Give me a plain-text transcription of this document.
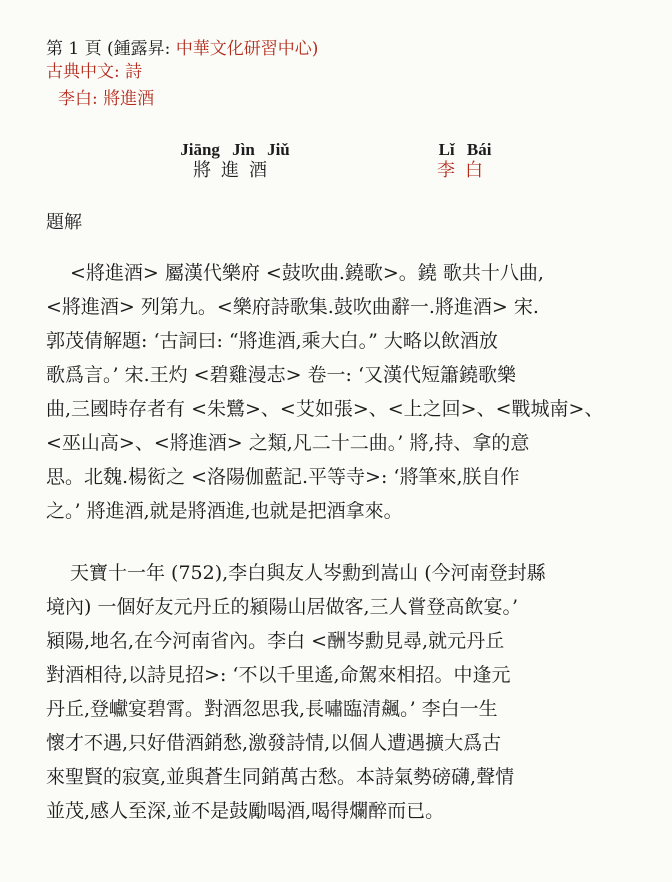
第 1 頁 (鍾露昇: 中華文化研習中心)
古典中文: 詩
李白: 將進酒
Jiāng Jìn Jiǔ
將進酒
Lǐ Bái
李白
題解
<將進酒> 屬漢代樂府 <鼓吹曲.鐃歌>。鐃 歌共十八曲,
<將進酒> 列第九。<樂府詩歌集.鼓吹曲辭一.將進酒> 宋.
郭茂倩解題: ‘古詞曰: “將進酒,乘大白。” 大略以飲酒放
歌爲言。’ 宋.王灼 <碧雞漫志> 卷一: ‘又漢代短簫鐃歌樂
曲,三國時存者有 <朱鷺>、<艾如張>、<上之回>、<戰城南>、
<巫山高>、<將進酒> 之類,凡二十二曲。’ 將,持、拿的意
思。北魏.楊衒之 <洛陽伽藍記.平等寺>: ‘將筆來,朕自作
之。’ 將進酒,就是將酒進,也就是把酒拿來。
天寶十一年 (752),李白與友人岑勳到嵩山 (今河南登封縣
境內) 一個好友元丹丘的潁陽山居做客,三人嘗登高飲宴。’
潁陽,地名,在今河南省內。李白 <酬岑勳見尋,就元丹丘
對酒相待,以詩見招>: ‘不以千里遙,命駕來相招。中逢元
丹丘,登巘宴碧霄。對酒忽思我,長嘯臨清飆。’ 李白一生
懷才不遇,只好借酒銷愁,激發詩情,以個人遭遇擴大爲古
來聖賢的寂寞,並與蒼生同銷萬古愁。本詩氣勢磅礴,聲情
並茂,感人至深,並不是鼓勵喝酒,喝得爛醉而已。
